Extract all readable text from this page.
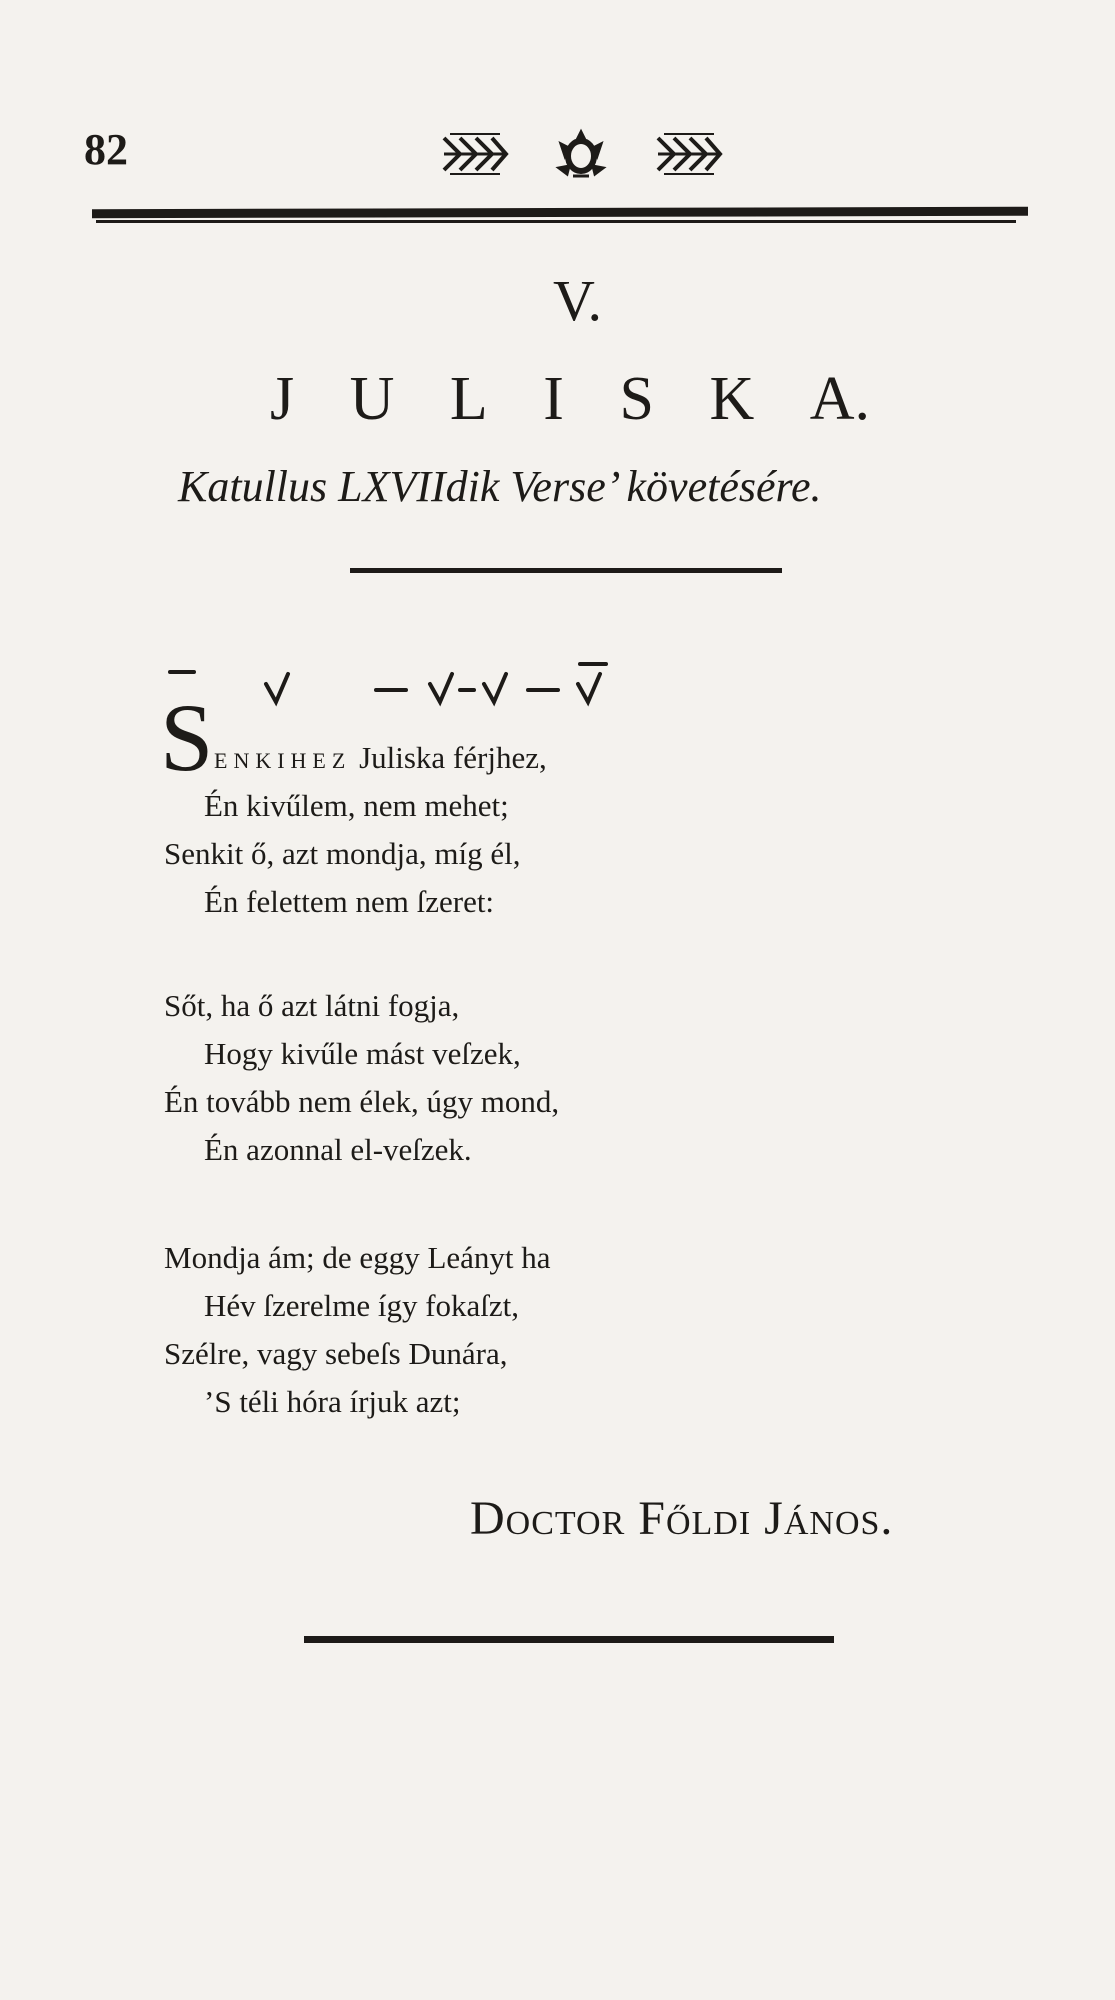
82
V.
J U L I S K A.
Katullus LXVIIdik Verse’ követésére.
S ENKIHEZ Juliska férjhez,
Én kivűlem, nem mehet;
Senkit ő, azt mondja, míg él,
Én felettem nem ſzeret:
Sőt, ha ő azt látni fogja,
Hogy kivűle mást veſzek,
Én tovább nem élek, úgy mond,
Én azonnal el-veſzek.
Mondja ám; de eggy Leányt ha
Hév ſzerelme így fokaſzt,
Szélre, vagy sebeſs Dunára,
’S téli hóra írjuk azt;
Doctor Főldi János.
